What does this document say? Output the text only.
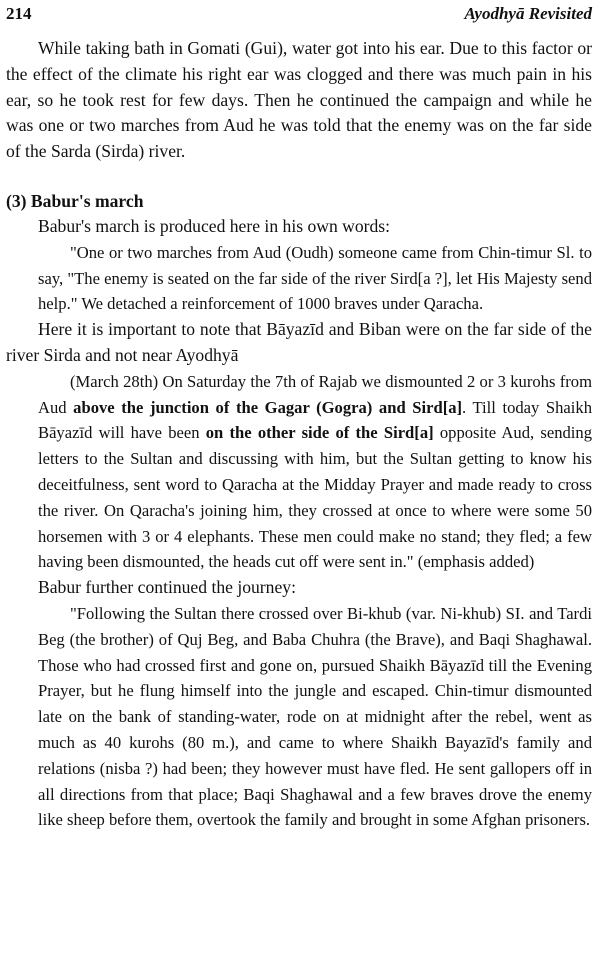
214	Ayodhyā Revisited

While taking bath in Gomati (Gui), water got into his ear. Due to this factor or the effect of the climate his right ear was clogged and there was much pain in his ear, so he took rest for few days. Then he continued the campaign and while he was one or two marches from Aud he was told that the enemy was on the far side of the Sarda (Sirda) river.

(3) Babur's march

Babur's march is produced here in his own words:

"One or two marches from Aud (Oudh) someone came from Chin-timur Sl. to say, "The enemy is seated on the far side of the river Sird[a ?], let His Majesty send help." We detached a reinforcement of 1000 braves under Qaracha.

Here it is important to note that Bāyazīd and Biban were on the far side of the river Sirda and not near Ayodhyā

(March 28th) On Saturday the 7th of Rajab we dismounted 2 or 3 kurohs from Aud above the junction of the Gagar (Gogra) and Sird[a]. Till today Shaikh Bāyazīd will have been on the other side of the Sird[a] opposite Aud, sending letters to the Sultan and discussing with him, but the Sultan getting to know his deceitfulness, sent word to Qaracha at the Midday Prayer and made ready to cross the river. On Qaracha's joining him, they crossed at once to where were some 50 horsemen with 3 or 4 elephants. These men could make no stand; they fled; a few having been dismounted, the heads cut off were sent in." (emphasis added)

Babur further continued the journey:

"Following the Sultan there crossed over Bi-khub (var. Ni-khub) SI. and Tardi Beg (the brother) of Quj Beg, and Baba Chuhra (the Brave), and Baqi Shaghawal. Those who had crossed first and gone on, pursued Shaikh Bāyazīd till the Evening Prayer, but he flung himself into the jungle and escaped. Chin-timur dismounted late on the bank of standing-water, rode on at midnight after the rebel, went as much as 40 kurohs (80 m.), and came to where Shaikh Bayazīd's family and relations (nisba ?) had been; they however must have fled. He sent gallopers off in all directions from that place; Baqi Shaghawal and a few braves drove the enemy like sheep before them, overtook the family and brought in some Afghan prisoners.
